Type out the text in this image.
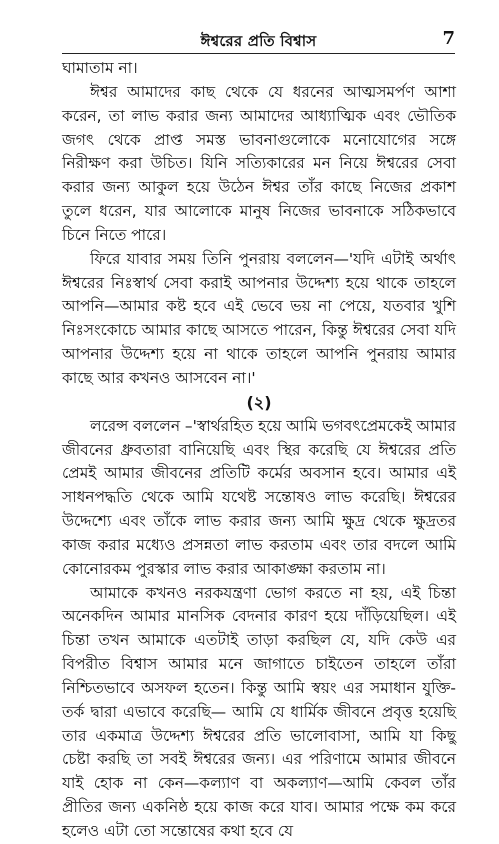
ঈশ্বরের প্রতি বিশ্বাস	7

ঘামাতাম না।

ঈশ্বর আমাদের কাছ থেকে যে ধরনের আত্মসমর্পণ আশা করেন, তা লাভ করার জন্য আমাদের আধ্যাত্মিক এবং ভৌতিক জগৎ থেকে প্রাপ্ত সমস্ত ভাবনাগুলোকে মনোযোগের সঙ্গে নিরীক্ষণ করা উচিত। যিনি সত্যিকারের মন নিয়ে ঈশ্বরের সেবা করার জন্য আকুল হয়ে উঠেন ঈশ্বর তাঁর কাছে নিজের প্রকাশ তুলে ধরেন, যার আলোকে মানুষ নিজের ভাবনাকে সঠিকভাবে চিনে নিতে পারে।

ফিরে যাবার সময় তিনি পুনরায় বললেন—'যদি এটাই অর্থাৎ ঈশ্বরের নিঃস্বার্থ সেবা করাই আপনার উদ্দেশ্য হয়ে থাকে তাহলে আপনি—আমার কষ্ট হবে এই ভেবে ভয় না পেয়ে, যতবার খুশি নিঃসংকোচে আমার কাছে আসতে পারেন, কিন্তু ঈশ্বরের সেবা যদি আপনার উদ্দেশ্য হয়ে না থাকে তাহলে আপনি পুনরায় আমার কাছে আর কখনও আসবেন না।'

(২)

লরেন্স বললেন –'স্বার্থরহিত হয়ে আমি ভগবৎপ্রেমকেই আমার জীবনের ধ্রুবতারা বানিয়েছি এবং স্থির করেছি যে ঈশ্বরের প্রতি প্রেমই আমার জীবনের প্রতিটি কর্মের অবসান হবে। আমার এই সাধনপদ্ধতি থেকে আমি যথেষ্ট সন্তোষও লাভ করেছি। ঈশ্বরের উদ্দেশ্যে এবং তাঁকে লাভ করার জন্য আমি ক্ষুদ্র থেকে ক্ষুদ্রতর কাজ করার মধ্যেও প্রসন্নতা লাভ করতাম এবং তার বদলে আমি কোনোরকম পুরস্কার লাভ করার আকাঙ্ক্ষা করতাম না।

আমাকে কখনও নরকযন্ত্রণা ভোগ করতে না হয়, এই চিন্তা অনেকদিন আমার মানসিক বেদনার কারণ হয়ে দাঁড়িয়েছিল। এই চিন্তা তখন আমাকে এতটাই তাড়া করছিল যে, যদি কেউ এর বিপরীত বিশ্বাস আমার মনে জাগাতে চাইতেন তাহলে তাঁরা নিশ্চিতভাবে অসফল হতেন। কিন্তু আমি স্বয়ং এর সমাধান যুক্তি-তর্ক দ্বারা এভাবে করেছি— আমি যে ধার্মিক জীবনে প্রবৃত্ত হয়েছি তার একমাত্র উদ্দেশ্য ঈশ্বরের প্রতি ভালোবাসা, আমি যা কিছু চেষ্টা করছি তা সবই ঈশ্বরের জন্য। এর পরিণামে আমার জীবনে যাই হোক না কেন—কল্যাণ বা অকল্যাণ—আমি কেবল তাঁর প্রীতির জন্য একনিষ্ঠ হয়ে কাজ করে যাব। আমার পক্ষে কম করে হলেও এটা তো সন্তোষের কথা হবে যে
